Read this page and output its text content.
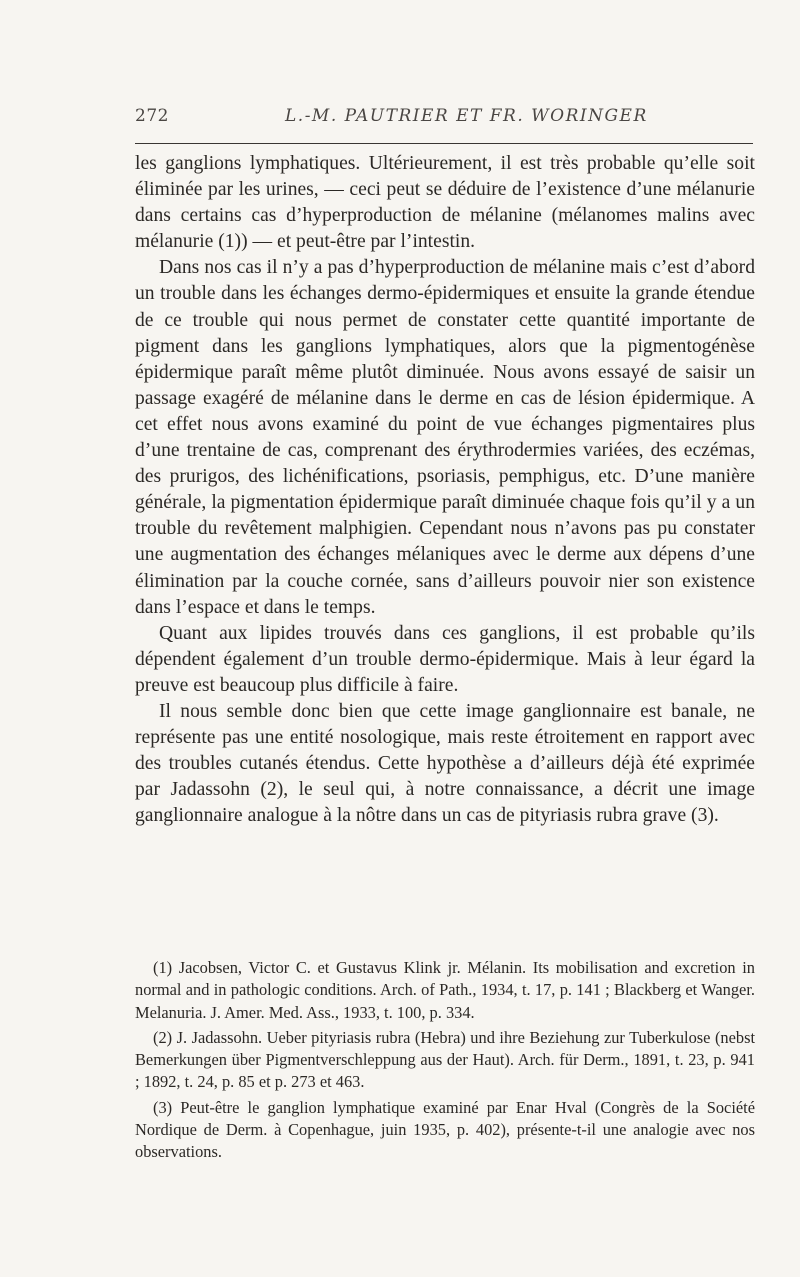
272	L.-M. PAUTRIER ET FR. WORINGER

les ganglions lymphatiques. Ultérieurement, il est très probable qu’elle soit éliminée par les urines, — ceci peut se déduire de l’existence d’une mélanurie dans certains cas d’hyperproduction de mélanine (mélanomes malins avec mélanurie (1)) — et peut-être par l’intestin.

Dans nos cas il n’y a pas d’hyperproduction de mélanine mais c’est d’abord un trouble dans les échanges dermo-épidermiques et ensuite la grande étendue de ce trouble qui nous permet de constater cette quantité importante de pigment dans les ganglions lymphatiques, alors que la pigmentogénèse épidermique paraît même plutôt diminuée. Nous avons essayé de saisir un passage exagéré de mélanine dans le derme en cas de lésion épidermique. A cet effet nous avons examiné du point de vue échanges pigmentaires plus d’une trentaine de cas, comprenant des érythrodermies variées, des eczémas, des prurigos, des lichénifications, psoriasis, pemphigus, etc. D’une manière générale, la pigmentation épidermique paraît diminuée chaque fois qu’il y a un trouble du revêtement malphigien. Cependant nous n’avons pas pu constater une augmentation des échanges mélaniques avec le derme aux dépens d’une élimination par la couche cornée, sans d’ailleurs pouvoir nier son existence dans l’espace et dans le temps.

Quant aux lipides trouvés dans ces ganglions, il est probable qu’ils dépendent également d’un trouble dermo-épidermique. Mais à leur égard la preuve est beaucoup plus difficile à faire.

Il nous semble donc bien que cette image ganglionnaire est banale, ne représente pas une entité nosologique, mais reste étroitement en rapport avec des troubles cutanés étendus. Cette hypothèse a d’ailleurs déjà été exprimée par Jadassohn (2), le seul qui, à notre connaissance, a décrit une image ganglionnaire analogue à la nôtre dans un cas de pityriasis rubra grave (3).

(1) Jacobsen, Victor C. et Gustavus Klink jr. Mélanin. Its mobilisation and excretion in normal and in pathologic conditions. Arch. of Path., 1934, t. 17, p. 141 ; Blackberg et Wanger. Melanuria. J. Amer. Med. Ass., 1933, t. 100, p. 334.

(2) J. Jadassohn. Ueber pityriasis rubra (Hebra) und ihre Beziehung zur Tuberkulose (nebst Bemerkungen über Pigmentverschleppung aus der Haut). Arch. für Derm., 1891, t. 23, p. 941 ; 1892, t. 24, p. 85 et p. 273 et 463.

(3) Peut-être le ganglion lymphatique examiné par Enar Hval (Congrès de la Société Nordique de Derm. à Copenhague, juin 1935, p. 402), présente-t-il une analogie avec nos observations.
